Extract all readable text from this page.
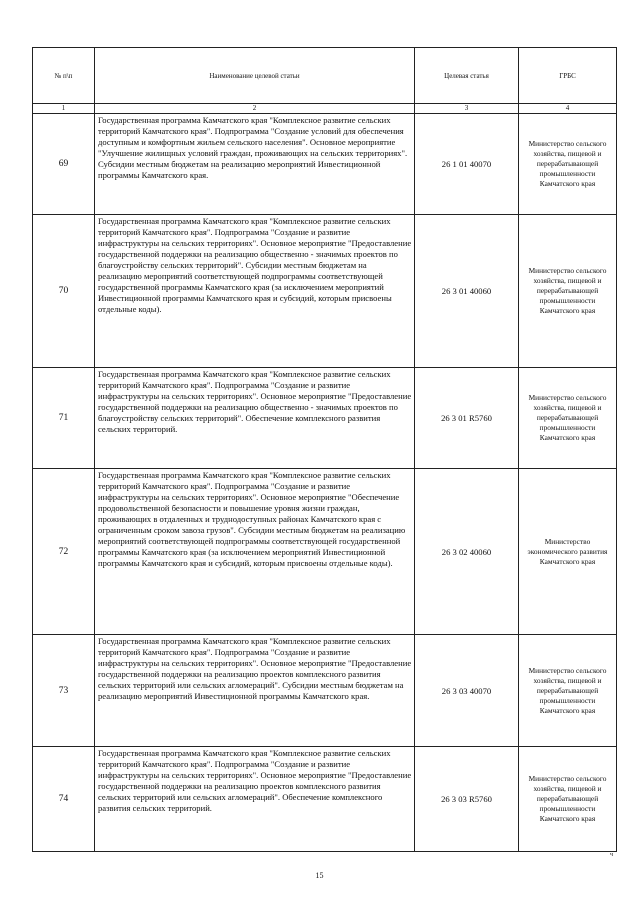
№ п\п	Наименование целевой статьи	Целевая статья	ГРБС
1	2	3	4
69	Государственная программа Камчатского края "Комплексное развитие сельских территорий Камчатского края". Подпрограмма "Создание условий для обеспечения доступным и комфортным жильем сельского населения". Основное мероприятие "Улучшение жилищных условий граждан, проживающих на сельских территориях". Субсидии местным бюджетам на реализацию мероприятий Инвестиционной программы Камчатского края.	26 1 01 40070	Министерство сельского хозяйства, пищевой и перерабатывающей промышленности Камчатского края
70	Государственная программа Камчатского края "Комплексное развитие сельских территорий Камчатского края". Подпрограмма "Создание и развитие инфраструктуры на сельских территориях". Основное мероприятие "Предоставление государственной поддержки на реализацию общественно - значимых проектов по благоустройству сельских территорий". Субсидии местным бюджетам на реализацию мероприятий соответствующей подпрограммы соответствующей государственной программы Камчатского края (за исключением мероприятий Инвестиционной программы Камчатского края и субсидий, которым присвоены отдельные коды).	26 3 01 40060	Министерство сельского хозяйства, пищевой и перерабатывающей промышленности Камчатского края
71	Государственная программа Камчатского края "Комплексное развитие сельских территорий Камчатского края". Подпрограмма "Создание и развитие инфраструктуры на сельских территориях". Основное мероприятие "Предоставление государственной поддержки на реализацию общественно - значимых проектов по благоустройству сельских территорий". Обеспечение комплексного развития сельских территорий.	26 3 01 R5760	Министерство сельского хозяйства, пищевой и перерабатывающей промышленности Камчатского края
72	Государственная программа Камчатского края "Комплексное развитие сельских территорий Камчатского края". Подпрограмма "Создание и развитие инфраструктуры на сельских территориях". Основное мероприятие "Обеспечение продовольственной безопасности и повышение уровня жизни граждан, проживающих в отдаленных и труднодоступных районах Камчатского края с ограниченным сроком завоза грузов". Субсидии местным бюджетам на реализацию мероприятий соответствующей подпрограммы соответствующей государственной программы Камчатского края (за исключением мероприятий Инвестиционной программы Камчатского края и субсидий, которым присвоены отдельные коды).	26 3 02 40060	Министерство экономического развития Камчатского края
73	Государственная программа Камчатского края "Комплексное развитие сельских территорий Камчатского края". Подпрограмма "Создание и развитие инфраструктуры на сельских территориях". Основное мероприятие "Предоставление государственной поддержки на реализацию проектов комплексного развития сельских территорий или сельских агломераций". Субсидии местным бюджетам на реализацию мероприятий Инвестиционной программы Камчатского края.	26 3 03 40070	Министерство сельского хозяйства, пищевой и перерабатывающей промышленности Камчатского края
74	Государственная программа Камчатского края "Комплексное развитие сельских территорий Камчатского края". Подпрограмма "Создание и развитие инфраструктуры на сельских территориях". Основное мероприятие "Предоставление государственной поддержки на реализацию проектов комплексного развития сельских территорий или сельских агломераций". Обеспечение комплексного развития сельских территорий.	26 3 03 R5760	Министерство сельского хозяйства, пищевой и перерабатывающей промышленности Камчатского края
ч
15
